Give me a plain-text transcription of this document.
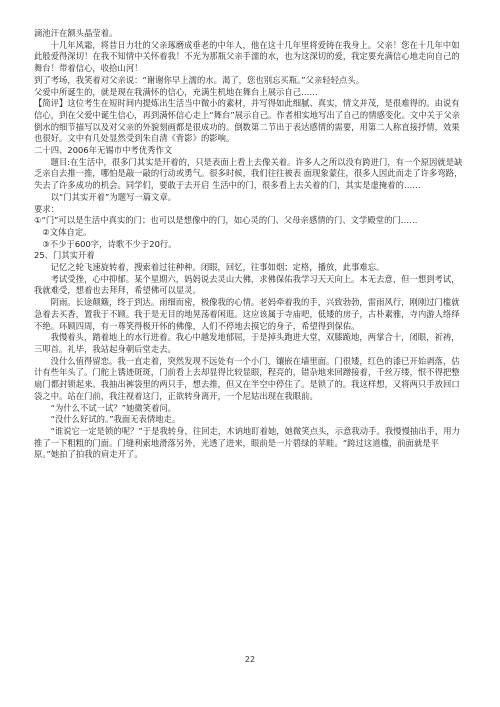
滴池汗在额头晶莹着。

十几年风霜，将昔日力壮的父亲琢磨成垂老的中年人，他在这十几年里将爱铸在我身上。父亲！您在十几年中如此般爱得深切！在我不知情中关怀着我！不光为那瓶父亲手濡的水，也为这深切的爱，我定要充满信心地走向自己的舞台！带着信心，收拾山河！

到了考场，我笑着对父亲说：“谢谢你早上濡的水。渴了，您也别忘买瓶。”父亲轻轻点头。

父爱中所诞生的，就是现在我满怀的信心，充满生机地在舞台上展示自己……

【简评】这位考生在短时间内提炼出生活当中微小的素材，并写得如此细腻、真实，情文并茂，是很难得的。由说有信心，到在父爱中诞生信心，再到满怀信心走上“舞台”展示自己。作者相实地写出了自己的情感变化。文中关于父亲倒水的细节描写以及对父亲的外貌刻画都是很成功的。倒数第二节出于表达感情的需要，用第二人称直接抒情，效果也很好。文中有几处显然受到朱自清《背影》的影响。

二十四、2006年无锡市中考优秀作文

题目:在生活中，很多门其实是开着的，只是表面上看上去像关着。许多人之所以没有跨进门，有一个原因就是缺乏亲自去推一推，哪怕是敲一敲的行动或勇气。很多时候，我们往往被表 面现象蒙住，很多人因此而走了许多弯路，失去了许多成功的机会。同学们，要敢于去开启 生活中的门，很多看上去关着的门，其实是虚掩着的……

以“门其实开着”为题写一篇文章。

要求：

①“门”可以是生活中真实的门；也可以是想像中的门，如心灵的门、父母亲感情的门、文学殿堂的门……

②文体自定。

③不少于600字，诗歌不少于20行。

25、门其实开着

记忆之轮飞速旋转着，搜索着过往种种。闭眼，回忆，往事如烟；定格，播放，此事难忘。

考试受挫，心中抑郁。某个星期六，妈妈说去灵山大佛，求佛保佑我学习天天向上。本无去意，但一想到考试，我就难受，想着也去拜拜，希望佛可以显灵。

阴雨。长途颠簸，终于到达。雨细而密，极像我的心情。老妈牵着我的手，兴致勃勃，雷雨风行，刚刚过门槛就急着去买香，置我于不顾。我于是无目的地晃荡着闲逛。这应该属于寺庙吧，低矮的房子，古朴素雅，寺内游人络绎不绝。环顾四周，有一尊笑得极开怀的佛像，人们不停地去摸它的身子，希望得到保佑。

我慢着头，踏着地上的水行进着。我心中越发地郁屈，于是掉头跑进大堂，双膝跪地，两掌合十，闭眼，祈祷，三叩首。礼毕，我站起身朝后堂走去。

没什么值得留恋。我一直走着，突然发现不远处有一个小门，镶嵌在墙里面。门很矮，红色的漆已开始剥落，估计有些年头了。门舵上锈迹斑斑，门前看上去却显得比较显眼，程亮的，错杂地来回蹭接着，千丝万缕，恨不得把整扇门都封锁起来。我抽出裤袋里的两只手，想去推，但又在半空中停住了。是锁了的。我这样想，又将两只手放回口袋之中。站在门前，我注视着这门，正欲转身离开，一个尼姑出现在我眼前。

“为什么不试一试？”她微笑着问。

“没什么好试的。”我面无表情地走。

“谁说它一定是锁的呢？”于是我转身，往回走，木讷地盯着她，她微笑点头，示意我动手。我慢慢抽出手，用力推了一下粗粗的门面。门缝利索地滑落另外，光透了进来，眼前是一片碧绿的苹畦。“跨过这道槛，前面就是平原。”她拍了拍我的肩走开了。

22
